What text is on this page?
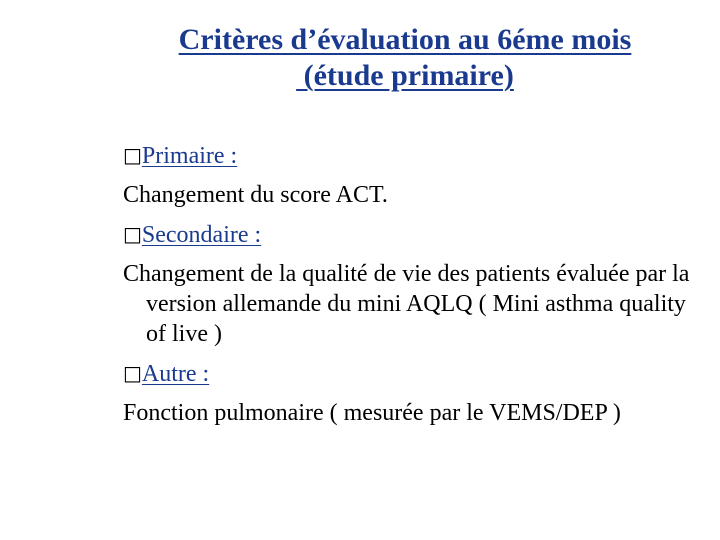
Critères d’évaluation au 6éme mois
(étude primaire)

□Primaire :

Changement du score ACT.

□Secondaire :

Changement de la qualité de vie des patients évaluée par la version allemande du mini AQLQ ( Mini asthma quality of live )

□Autre :

Fonction pulmonaire ( mesurée par le VEMS/DEP )
